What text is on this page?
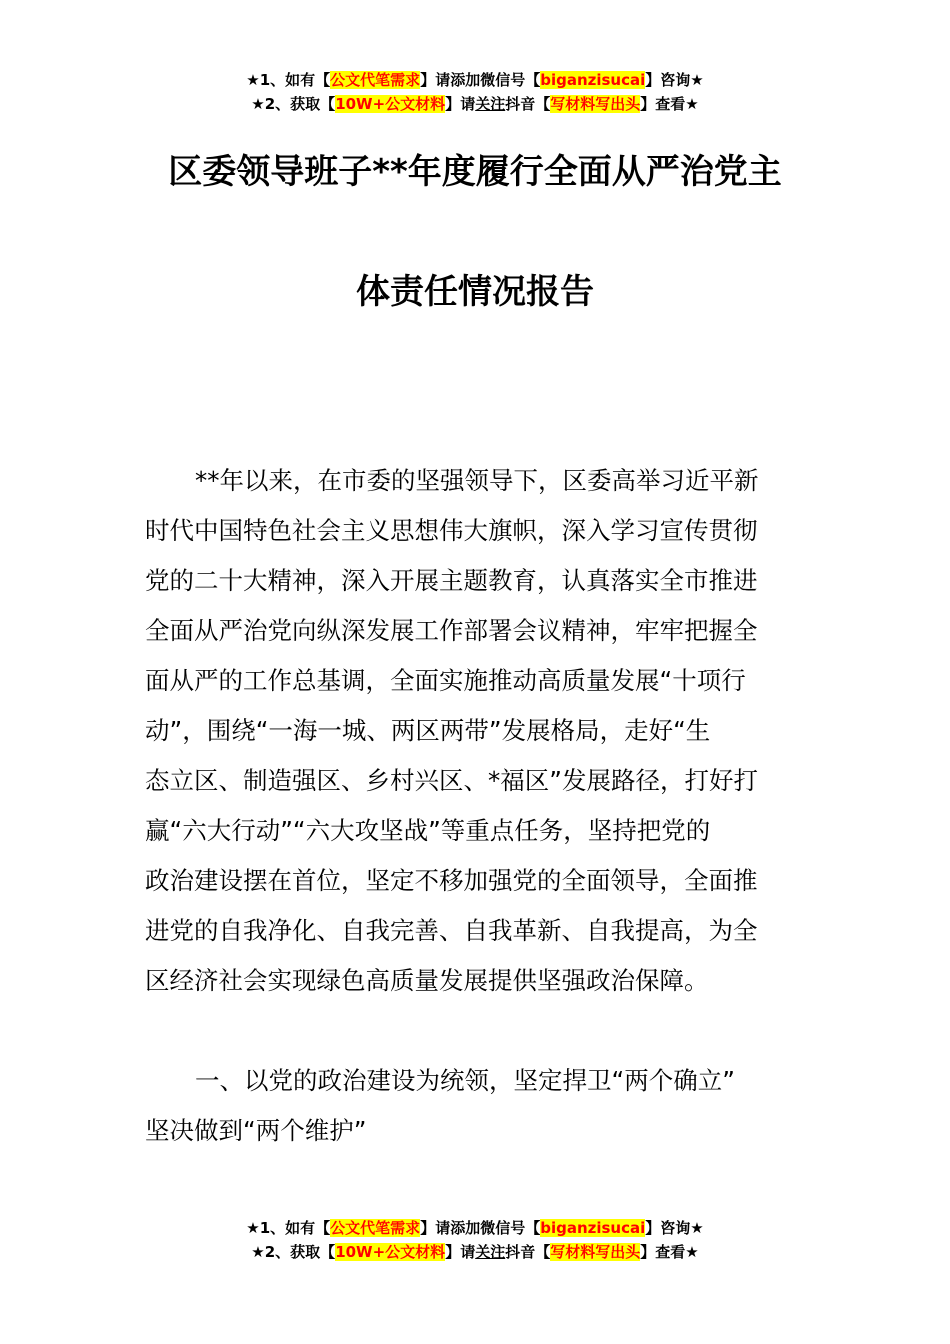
★1、如有【公文代笔需求】请添加微信号【biganzisucai】咨询★
★2、获取【10W+公文材料】请关注抖音【写材料写出头】查看★
区委领导班子**年度履行全面从严治党主
体责任情况报告
**年以来，在市委的坚强领导下，区委高举习近平新
时代中国特色社会主义思想伟大旗帜，深入学习宣传贯彻
党的二十大精神，深入开展主题教育，认真落实全市推进
全面从严治党向纵深发展工作部署会议精神，牢牢把握全
面从严的工作总基调，全面实施推动高质量发展“十项行
动”，围绕“一海一城、两区两带”发展格局，走好“生
态立区、制造强区、乡村兴区、*福区”发展路径，打好打
赢“六大行动”“六大攻坚战”等重点任务，坚持把党的
政治建设摆在首位，坚定不移加强党的全面领导，全面推
进党的自我净化、自我完善、自我革新、自我提高，为全
区经济社会实现绿色高质量发展提供坚强政治保障。
一、以党的政治建设为统领，坚定捍卫“两个确立”
坚决做到“两个维护”
★1、如有【公文代笔需求】请添加微信号【biganzisucai】咨询★
★2、获取【10W+公文材料】请关注抖音【写材料写出头】查看★
